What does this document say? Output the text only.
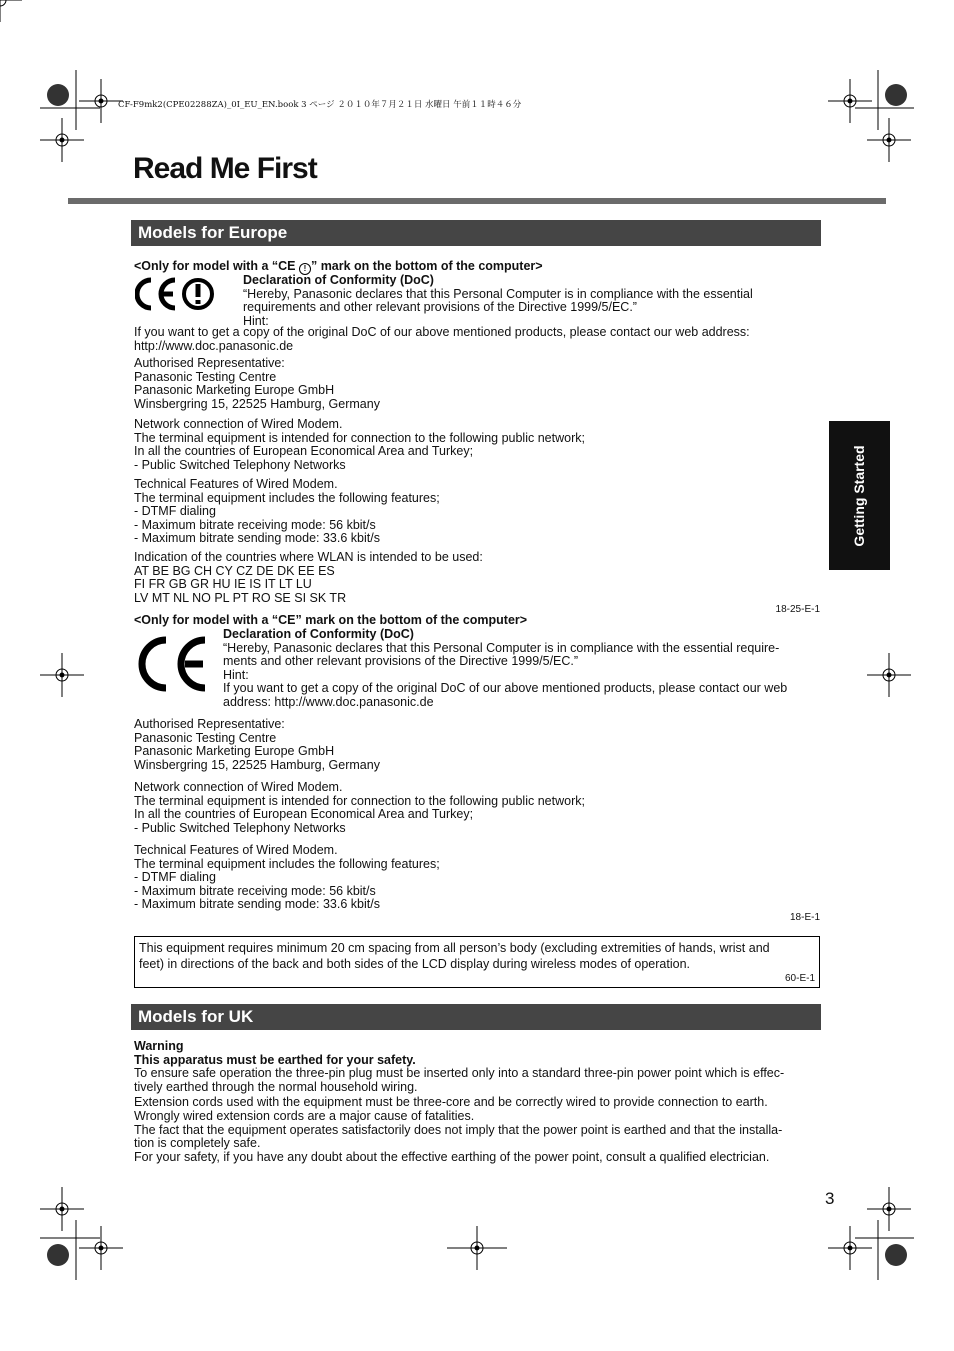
CF-F9mk2(CPE02288ZA)_0I_EU_EN.book 3 ページ ２０１０年７月２１日 水曜日 午前１１時４６分
Read Me First
Getting Started
Models for Europe
<Only for model with a “CE ! ” mark on the bottom of the computer>
Declaration of Conformity (DoC)
“Hereby, Panasonic declares that this Personal Computer is in compliance with the essential
requirements and other relevant provisions of the Directive 1999/5/EC.”
Hint:
If you want to get a copy of the original DoC of our above mentioned products, please contact our web address:
http://www.doc.panasonic.de
Authorised Representative:
Panasonic Testing Centre
Panasonic Marketing Europe GmbH
Winsbergring 15, 22525 Hamburg, Germany
Network connection of Wired Modem.
The terminal equipment is intended for connection to the following public network;
In all the countries of European Economical Area and Turkey;
- Public Switched Telephony Networks
Technical Features of Wired Modem.
The terminal equipment includes the following features;
- DTMF dialing
- Maximum bitrate receiving mode: 56 kbit/s
- Maximum bitrate sending mode: 33.6 kbit/s
Indication of the countries where WLAN is intended to be used:
AT BE BG CH CY CZ DE DK EE ES
FI FR GB GR HU IE IS IT LT LU
LV MT NL NO PL PT RO SE SI SK TR
18-25-E-1
<Only for model with a “CE” mark on the bottom of the computer>
Declaration of Conformity (DoC)
“Hereby, Panasonic declares that this Personal Computer is in compliance with the essential require-
ments and other relevant provisions of the Directive 1999/5/EC.”
Hint:
If you want to get a copy of the original DoC of our above mentioned products, please contact our web
address: http://www.doc.panasonic.de
Authorised Representative:
Panasonic Testing Centre
Panasonic Marketing Europe GmbH
Winsbergring 15, 22525 Hamburg, Germany
Network connection of Wired Modem.
The terminal equipment is intended for connection to the following public network;
In all the countries of European Economical Area and Turkey;
- Public Switched Telephony Networks
Technical Features of Wired Modem.
The terminal equipment includes the following features;
- DTMF dialing
- Maximum bitrate receiving mode: 56 kbit/s
- Maximum bitrate sending mode: 33.6 kbit/s
18-E-1
This equipment requires minimum 20 cm spacing from all person’s body (excluding extremities of hands, wrist and
feet) in directions of the back and both sides of the LCD display during wireless modes of operation.
60-E-1
Models for UK
Warning
This apparatus must be earthed for your safety.
To ensure safe operation the three-pin plug must be inserted only into a standard three-pin power point which is effec-
tively earthed through the normal household wiring.
Extension cords used with the equipment must be three-core and be correctly wired to provide connection to earth.
Wrongly wired extension cords are a major cause of fatalities.
The fact that the equipment operates satisfactorily does not imply that the power point is earthed and that the installa-
tion is completely safe.
For your safety, if you have any doubt about the effective earthing of the power point, consult a qualified electrician.
3
